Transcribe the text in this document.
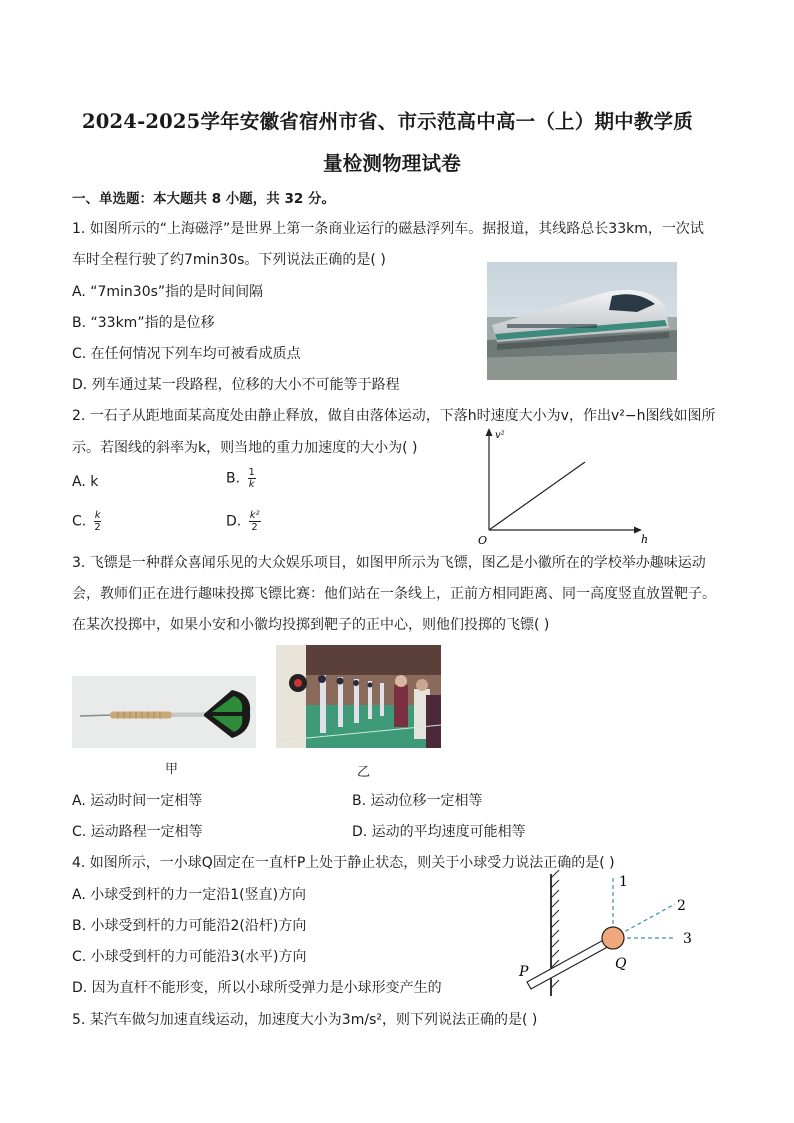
2024-2025学年安徽省宿州市省、市示范高中高一（上）期中教学质
量检测物理试卷
一、单选题：本大题共 8 小题，共 32 分。
1. 如图所示的“上海磁浮”是世界上第一条商业运行的磁悬浮列车。据报道，其线路总长33km，一次试
车时全程行驶了约7min30s。下列说法正确的是( )
A. “7min30s”指的是时间间隔
B. “33km”指的是位移
C. 在任何情况下列车均可被看成质点
D. 列车通过某一段路程，位移的大小不可能等于路程
2. 一石子从距地面某高度处由静止释放，做自由落体运动，下落h时速度大小为v，作出v²−h图线如图所
示。若图线的斜率为k，则当地的重力加速度的大小为( )
A. k	B. $\frac{1}{k}$
C. $\frac{k}{2}$	D. $\frac{\text{k²}}{2}$
v²
h
O
3. 飞镖是一种群众喜闻乐见的大众娱乐项目，如图甲所示为飞镖，图乙是小徽所在的学校举办趣味运动
会，教师们正在进行趣味投掷飞镖比赛：他们站在一条线上，正前方相同距离、同一高度竖直放置靶子。
在某次投掷中，如果小安和小徽均投掷到靶子的正中心，则他们投掷的飞镖( )
甲	乙
A. 运动时间一定相等	B. 运动位移一定相等
C. 运动路程一定相等	D. 运动的平均速度可能相等
4. 如图所示，一小球Q固定在一直杆P上处于静止状态，则关于小球受力说法正确的是( )
A. 小球受到杆的力一定沿1(竖直)方向
B. 小球受到杆的力可能沿2(沿杆)方向
C. 小球受到杆的力可能沿3(水平)方向
D. 因为直杆不能形变，所以小球所受弹力是小球形变产生的
1
2
3
P	Q
5. 某汽车做匀加速直线运动，加速度大小为3m/s²，则下列说法正确的是( )
